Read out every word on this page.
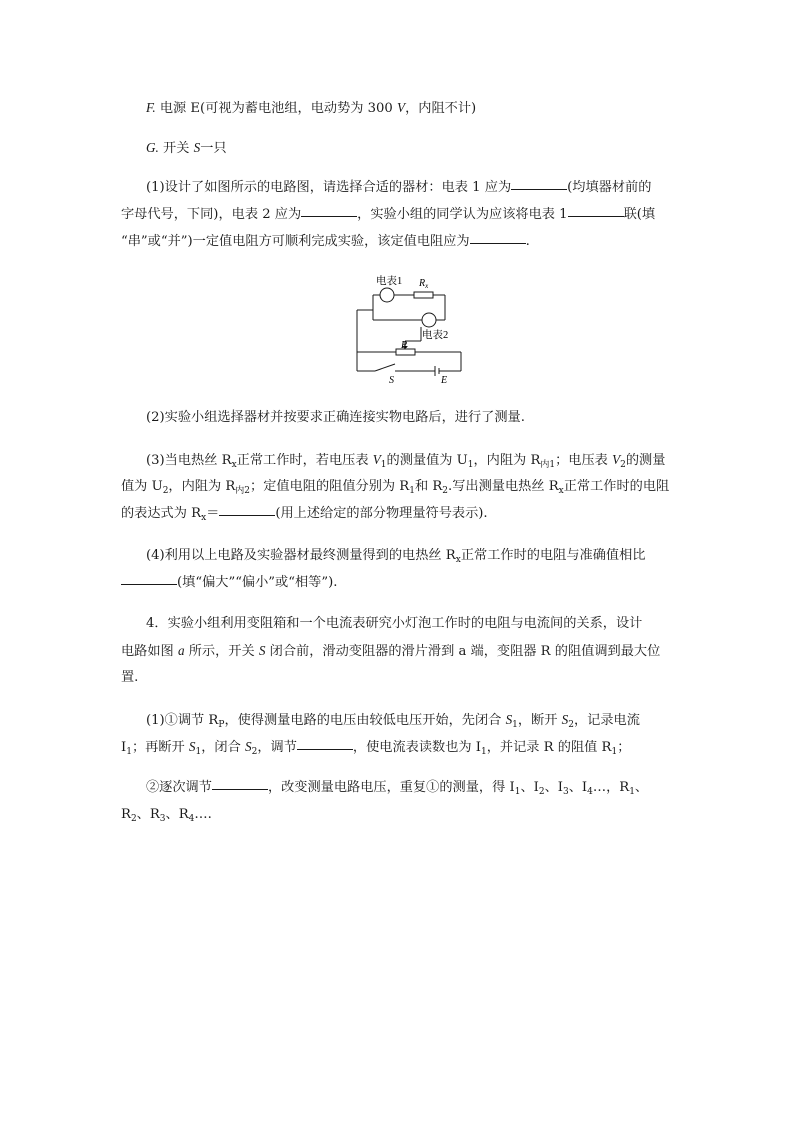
F. 电源 E(可视为蓄电池组，电动势为 300 V，内阻不计)
G. 开关 S一只
(1)设计了如图所示的电路图，请选择合适的器材：电表 1 应为	(均填器材前的
字母代号，下同)，电表 2 应为	，实验小组的同学认为应该将电表 1	联(填
“串”或“并”)一定值电阻方可顺利完成实验，该定值电阻应为	.
电表1 $R_x$
电表2
R
S	E
(2)实验小组选择器材并按要求正确连接实物电路后，进行了测量.
(3)当电热丝 $R_x$正常工作时，若电压表 $V_1$的测量值为 $U_1$，内阻为 $R_{内1}$；电压表 $V_2$的测量
值为 $U_2$，内阻为 $R_{内2}$；定值电阻的阻值分别为 $R_1$和 $R_2$.写出测量电热丝 $R_x$正常工作时的电阻
的表达式为 $R_x=$	(用上述给定的部分物理量符号表示).
(4)利用以上电路及实验器材最终测量得到的电热丝 $R_x$正常工作时的电阻与准确值相比
(填“偏大”“偏小”或“相等”).
4．实验小组利用变阻箱和一个电流表研究小灯泡工作时的电阻与电流间的关系，设计
电路如图 a 所示，开关 S 闭合前，滑动变阻器的滑片滑到 a 端，变阻器 R 的阻值调到最大位
置.
(1)①调节 $R_P$，使得测量电路的电压由较低电压开始，先闭合 $S_1$，断开 $S_2$，记录电流
$I_1$；再断开 $S_1$，闭合 $S_2$，调节	，使电流表读数也为 $I_1$，并记录 R 的阻值 $R_1$；
②逐次调节	，改变测量电路电压，重复①的测量，得 $I_1$、$I_2$、$I_3$、$I_4\dots$，$R_1$、
$R_2$、$R_3$、$R_4\dots$.
